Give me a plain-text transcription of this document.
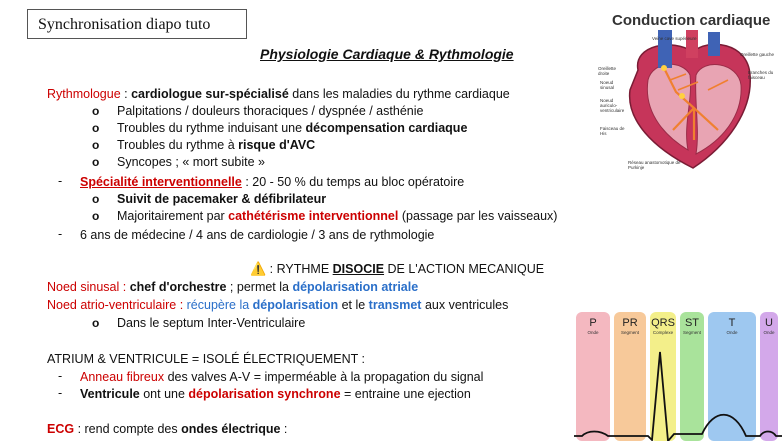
Synchronisation diapo tuto
Physiologie Cardiaque & Rythmologie
Rythmologue : cardiologue sur-spécialisé dans les maladies du rythme cardiaque
o Palpitations / douleurs thoraciques / dyspnée / asthénie
o Troubles du rythme induisant une décompensation cardiaque
o Troubles du rythme à risque d'AVC
o Syncopes ; « mort subite »
- Spécialité interventionnelle : 20 - 50 % du temps au bloc opératoire
o Suivit de pacemaker & défibrilateur
o Majoritairement par cathétérisme interventionnel (passage par les vaisseaux)
- 6 ans de médecine / 4 ans de cardiologie / 3 ans de rythmologie
⚠️ : RYTHME DISOCIE DE L'ACTION MECANIQUE
Noed sinusal : chef d'orchestre ; permet la dépolarisation atriale
Noed atrio-ventriculaire : récupère la dépolarisation et le transmet aux ventricules
o Dans le septum Inter-Ventriculaire
ATRIUM & VENTRICULE = ISOLÉ ÉLECTRIQUEMENT :
- Anneau fibreux des valves A-V = imperméable à la propagation du signal
- Ventricule ont une dépolarisation synchrone = entraine une ejection
ECG : rend compte des ondes électrique :
Conduction cardiaque
Veine cave supérieure
Oreillette droite
Oreillette gauche
Noeud sinusal
Noeud auriculo-ventriculaire
Branches du faisceau
Faisceau de His
Réseau anastomotique de Purkinje
P
Onde
PR
Segment
QRS
Complexe
ST
Segment
T
Onde
U
Onde
